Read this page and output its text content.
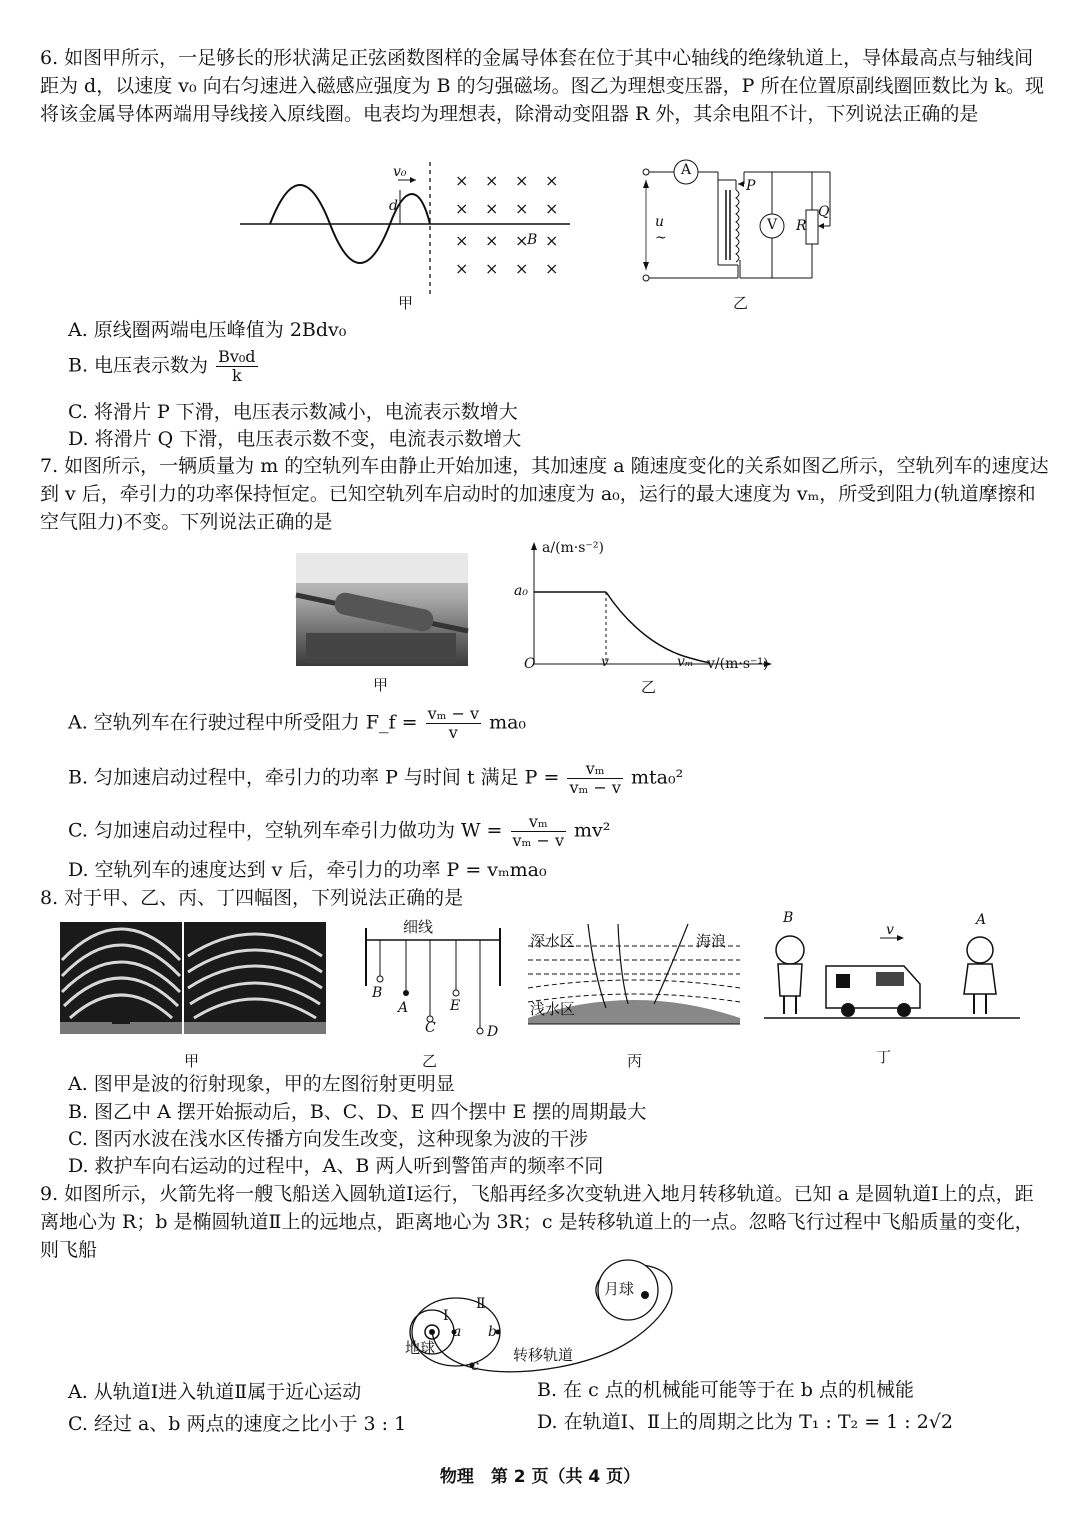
6. 如图甲所示，一足够长的形状满足正弦函数图样的金属导体套在位于其中心轴线的绝缘轨道上，导体最高点与轴线间距为 d，以速度 v₀ 向右匀速进入磁感应强度为 B 的匀强磁场。图乙为理想变压器，P 所在位置原副线圈匝数比为 k。现将该金属导体两端用导线接入原线圈。电表均为理想表，除滑动变阻器 R 外，其余电阻不计，下列说法正确的是
× × × ×
× × × ×
× × × ×
× × × ×
v₀
d
B
甲
A
V
u
~
P
R
Q
乙
A. 原线圈两端电压峰值为 2Bdv₀
B. 电压表示数为 $\frac{\text{Bv₀d}}{k}$
C. 将滑片 P 下滑，电压表示数减小，电流表示数增大
D. 将滑片 Q 下滑，电压表示数不变，电流表示数增大
7. 如图所示，一辆质量为 m 的空轨列车由静止开始加速，其加速度 a 随速度变化的关系如图乙所示，空轨列车的速度达到 v 后，牵引力的功率保持恒定。已知空轨列车启动时的加速度为 a₀，运行的最大速度为 vₘ，所受到阻力(轨道摩擦和空气阻力)不变。下列说法正确的是
甲
a/(m·s⁻²)
a₀
O	v	vₘ v/(m·s⁻¹)
乙
A. 空轨列车在行驶过程中所受阻力 F_f = $\frac{\text{vₘ − v}}{v} ma_0$
B. 匀加速启动过程中，牵引力的功率 P 与时间 t 满足 $P = \frac{\text{vₘ}}{\text{vₘ − v}} mta_0^2$
C. 匀加速启动过程中，空轨列车牵引力做功为 $W = \frac{\text{vₘ}}{\text{vₘ − v}} mv^2$
D. 空轨列车的速度达到 v 后，牵引力的功率 P = vₘma₀
8. 对于甲、乙、丙、丁四幅图，下列说法正确的是
甲
细线
B
A
C
E
D
乙
深水区	海浪
浅水区
丙
B	A
v
丁
A. 图甲是波的衍射现象，甲的左图衍射更明显
B. 图乙中 A 摆开始振动后，B、C、D、E 四个摆中 E 摆的周期最大
C. 图丙水波在浅水区传播方向发生改变，这种现象为波的干涉
D. 救护车向右运动的过程中，A、B 两人听到警笛声的频率不同
9. 如图所示，火箭先将一艘飞船送入圆轨道Ⅰ运行，飞船再经多次变轨进入地月转移轨道。已知 a 是圆轨道Ⅰ上的点，距离地心为 R；b 是椭圆轨道Ⅱ上的远地点，距离地心为 3R；c 是转移轨道上的一点。忽略飞行过程中飞船质量的变化，则飞船
月球
地球
Ⅰ
Ⅱ
a b
c
转移轨道
A. 从轨道Ⅰ进入轨道Ⅱ属于近心运动	B. 在 c 点的机械能可能等于在 b 点的机械能
C. 经过 a、b 两点的速度之比小于 3 : 1	D. 在轨道Ⅰ、Ⅱ上的周期之比为 T₁ : T₂ = 1 : 2√2
物理　第 2 页（共 4 页）
